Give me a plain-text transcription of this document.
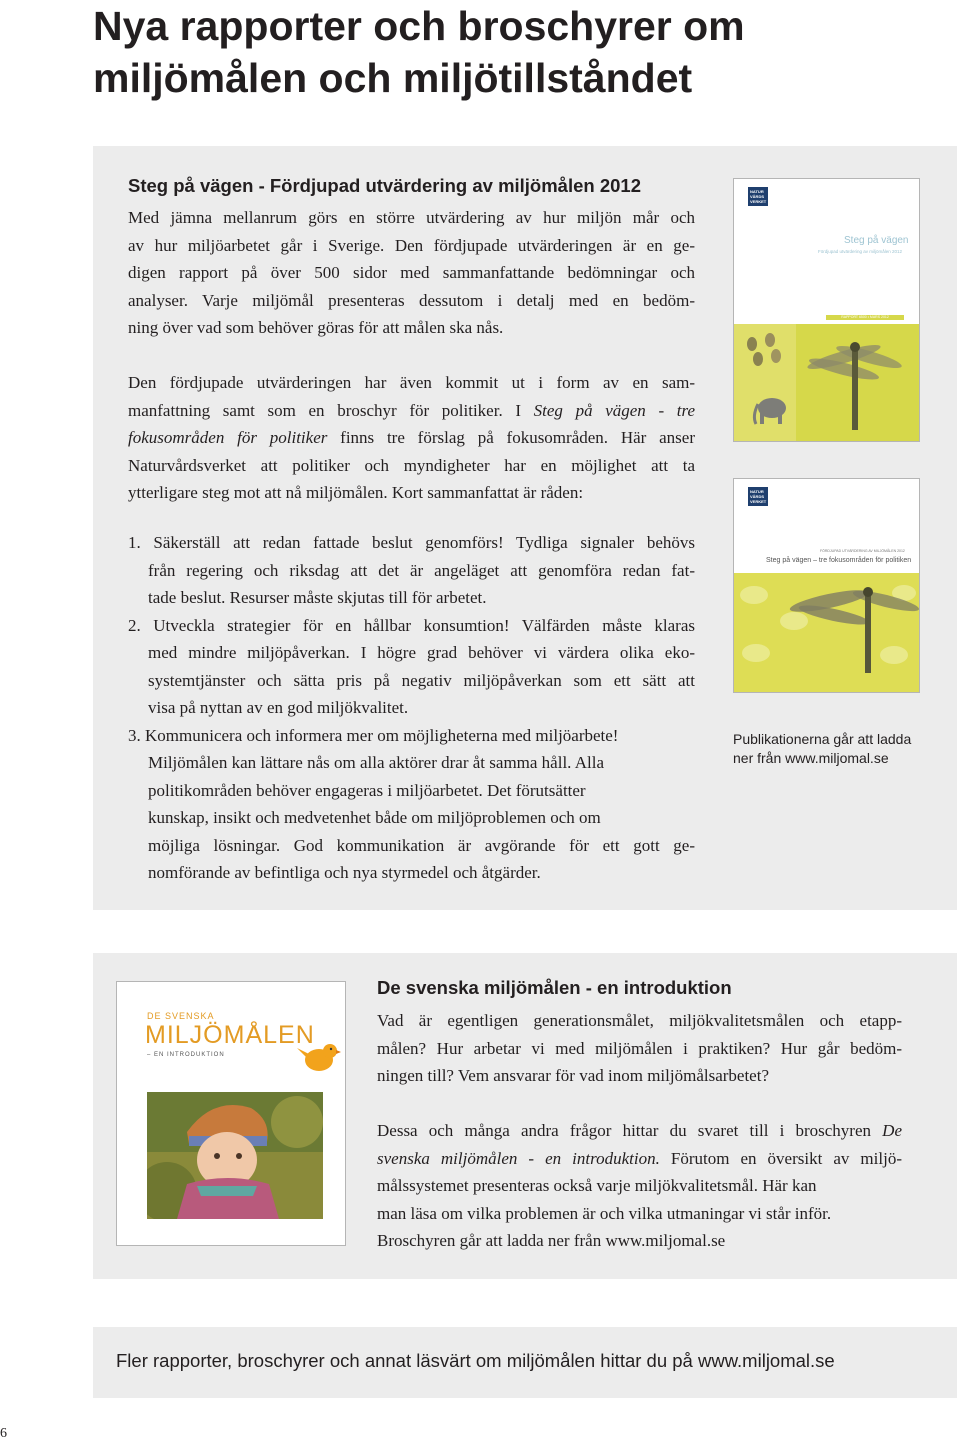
Nya rapporter och broschyrer om
miljömålen och miljötillståndet
Steg på vägen - Fördjupad utvärdering av miljömålen 2012
Med jämna mellanrum görs en större utvärdering av hur miljön mår och
av hur miljöarbetet går i Sverige. Den fördjupade utvärderingen är en ge-
digen rapport på över 500 sidor med sammanfattande bedömningar och
analyser. Varje miljömål presenteras dessutom i detalj med en bedöm-
ning över vad som behöver göras för att målen ska nås.
Den fördjupade utvärderingen har även kommit ut i form av en sam-
manfattning samt som en broschyr för politiker. I Steg på vägen - tre
fokusområden för politiker finns tre förslag på fokusområden. Här anser
Naturvårdsverket att politiker och myndigheter har en möjlighet att ta
ytterligare steg mot att nå miljömålen. Kort sammanfattat är råden:
1. Säkerställ att redan fattade beslut genomförs! Tydliga signaler behövs
från regering och riksdag att det är angeläget att genomföra redan fat-
tade beslut. Resurser måste skjutas till för arbetet.
2. Utveckla strategier för en hållbar konsumtion! Välfärden måste klaras
med mindre miljöpåverkan. I högre grad behöver vi värdera olika eko-
systemtjänster och sätta pris på negativ miljöpåverkan som ett sätt att
visa på nyttan av en god miljökvalitet.
3. Kommunicera och informera mer om möjligheterna med miljöarbete!
Miljömålen kan lättare nås om alla aktörer drar åt samma håll. Alla
politikområden behöver engageras i miljöarbetet. Det förutsätter
kunskap, insikt och medvetenhet både om miljöproblemen och om
möjliga lösningar. God kommunikation är avgörande för ett gott ge-
nomförande av befintliga och nya styrmedel och åtgärder.
NATUR
VÅRDS
VERKET
Steg på vägen
Fördjupad utvärdering av miljömålen 2012
RAPPORT 6500 • MARS 2012
NATUR
VÅRDS
VERKET
FÖRDJUPAD UTVÄRDERING AV MILJÖMÅLEN 2012
Steg på vägen – tre fokusområden för politiken
Publikationerna går att ladda
ner från www.miljomal.se
DE SVENSKA
MILJÖMÅLEN
– EN INTRODUKTION
De svenska miljömålen - en introduktion
Vad är egentligen generationsmålet, miljökvalitetsmålen och etapp-
målen? Hur arbetar vi med miljömålen i praktiken? Hur går bedöm-
ningen till? Vem ansvarar för vad inom miljömålsarbetet?
Dessa och många andra frågor hittar du svaret till i broschyren De
svenska miljömålen - en introduktion. Förutom en översikt av miljö-
målssystemet presenteras också varje miljökvalitetsmål. Här kan
man läsa om vilka problemen är och vilka utmaningar vi står inför.
Broschyren går att ladda ner från www.miljomal.se
Fler rapporter, broschyrer och annat läsvärt om miljömålen hittar du på www.miljomal.se
6
